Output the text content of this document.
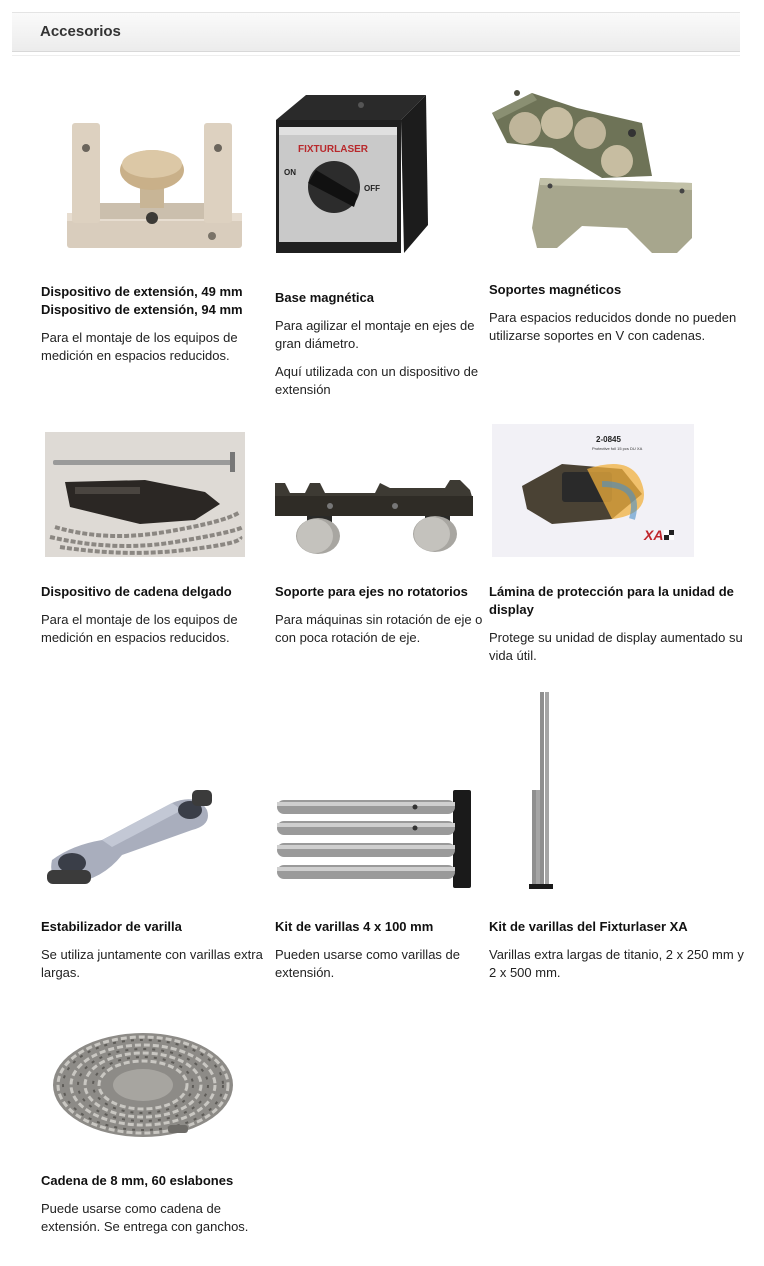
Accesorios

Dispositivo de extensión, 49 mm

Dispositivo de extensión, 94 mm

Para el montaje de los equipos de medición en espacios reducidos.

FIXTURLASER
ON
OFF

Base magnética

Para agilizar el montaje en ejes de gran diámetro.

Aquí utilizada con un dispositivo de extensión

Soportes magnéticos

Para espacios reducidos donde no pueden utilizarse soportes en V con cadenas.

Dispositivo de cadena delgado

Para el montaje de los equipos de medición en espacios reducidos.

Soporte para ejes no rotatorios

Para máquinas sin rotación de eje o con poca rotación de eje.

2-0845
Protective foil 15 pcs DU XA
XA

Lámina de protección para la unidad de display

Protege su unidad de display aumentado su vida útil.

Estabilizador de varilla

Se utiliza juntamente con varillas extra largas.

Kit de varillas 4 x 100 mm

Pueden usarse como varillas de extensión.

Kit de varillas del Fixturlaser XA

Varillas extra largas de titanio, 2 x 250 mm y 2 x 500 mm.

Cadena de 8 mm, 60 eslabones

Puede usarse como cadena de extensión. Se entrega con ganchos.
